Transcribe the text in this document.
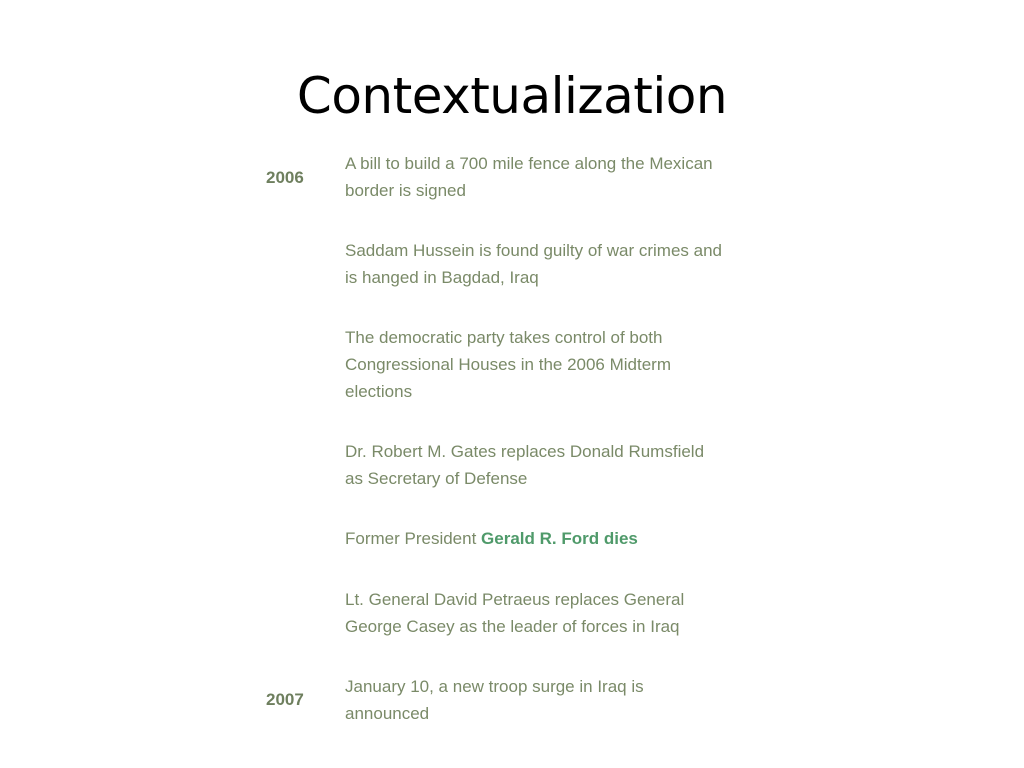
Contextualization
2006
2007

A bill to build a 700 mile fence along the Mexican border is signed

Saddam Hussein is found guilty of war crimes and is hanged in Bagdad, Iraq

The democratic party takes control of both Congressional Houses in the 2006 Midterm elections

Dr. Robert M. Gates replaces Donald Rumsfield as Secretary of Defense

Former President Gerald R. Ford dies

Lt. General David Petraeus replaces General George Casey as the leader of forces in Iraq

January 10, a new troop surge in Iraq is announced
